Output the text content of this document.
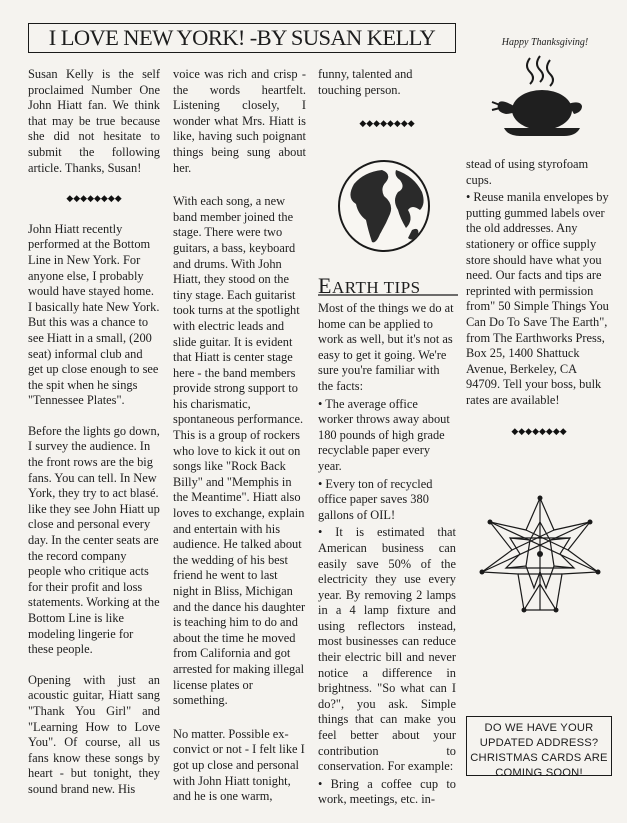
I LOVE NEW YORK! -BY SUSAN KELLY

Susan Kelly is the self proclaimed Number One John Hiatt fan. We think that may be true because she did not hesitate to submit the following article. Thanks, Susan!

◆◆◆◆◆◆◆◆

John Hiatt recently performed at the Bottom Line in New York. For anyone else, I probably would have stayed home. I basically hate New York. But this was a chance to see Hiatt in a small, (200 seat) informal club and get up close enough to see the spit when he sings "Tennessee Plates".

Before the lights go down, I survey the audience. In the front rows are the big fans. You can tell. In New York, they try to act blasé. like they see John Hiatt up close and personal every day. In the center seats are the record company people who critique acts for their profit and loss statements. Working at the Bottom Line is like modeling lingerie for these people.

Opening with just an acoustic guitar, Hiatt sang "Thank You Girl" and "Learning How to Love You". Of course, all us fans know these songs by heart - but tonight, they sound brand new. His

voice was rich and crisp - the words heartfelt. Listening closely, I wonder what Mrs. Hiatt is like, having such poignant things being sung about her.

With each song, a new band member joined the stage. There were two guitars, a bass, keyboard and drums. With John Hiatt, they stood on the tiny stage. Each guitarist took turns at the spotlight with electric leads and slide guitar. It is evident that Hiatt is center stage here - the band members provide strong support to his charismatic, spontaneous performance. This is a group of rockers who love to kick it out on songs like "Rock Back Billy" and "Memphis in the Meantime". Hiatt also loves to exchange, explain and entertain with his audience. He talked about the wedding of his best friend he went to last night in Bliss, Michigan and the dance his daughter is teaching him to do and about the time he moved from California and got arrested for making illegal license plates or something.

No matter. Possible ex-convict or not - I felt like I got up close and personal with John Hiatt tonight, and he is one warm,

funny, talented and touching person.

◆◆◆◆◆◆◆◆
EARTH TIPS

Most of the things we do at home can be applied to work as well, but it's not as easy to get it going. We're sure you're familiar with the facts:

• The average office worker throws away about 180 pounds of high grade recyclable paper every year.

• Every ton of recycled office paper saves 380 gallons of OIL!

• It is estimated that American business can easily save 50% of the electricity they use every year. By removing 2 lamps in a 4 lamp fixture and using reflectors instead, most businesses can reduce their electric bill and never notice a difference in brightness. "So what can I do?", you ask. Simple things that can make you feel better about your contribution to conservation. For example:

• Bring a coffee cup to work, meetings, etc. in-

Happy Thanksgiving!

stead of using styrofoam cups.

• Reuse manila envelopes by putting gummed labels over the old addresses. Any stationery or office supply store should have what you need. Our facts and tips are reprinted with permission from" 50 Simple Things You Can Do To Save The Earth", from The Earthworks Press, Box 25, 1400 Shattuck Avenue, Berkeley, CA 94709. Tell your boss, bulk rates are available!

◆◆◆◆◆◆◆◆
DO WE HAVE YOUR UPDATED ADDRESS? CHRISTMAS CARDS ARE COMING SOON!
